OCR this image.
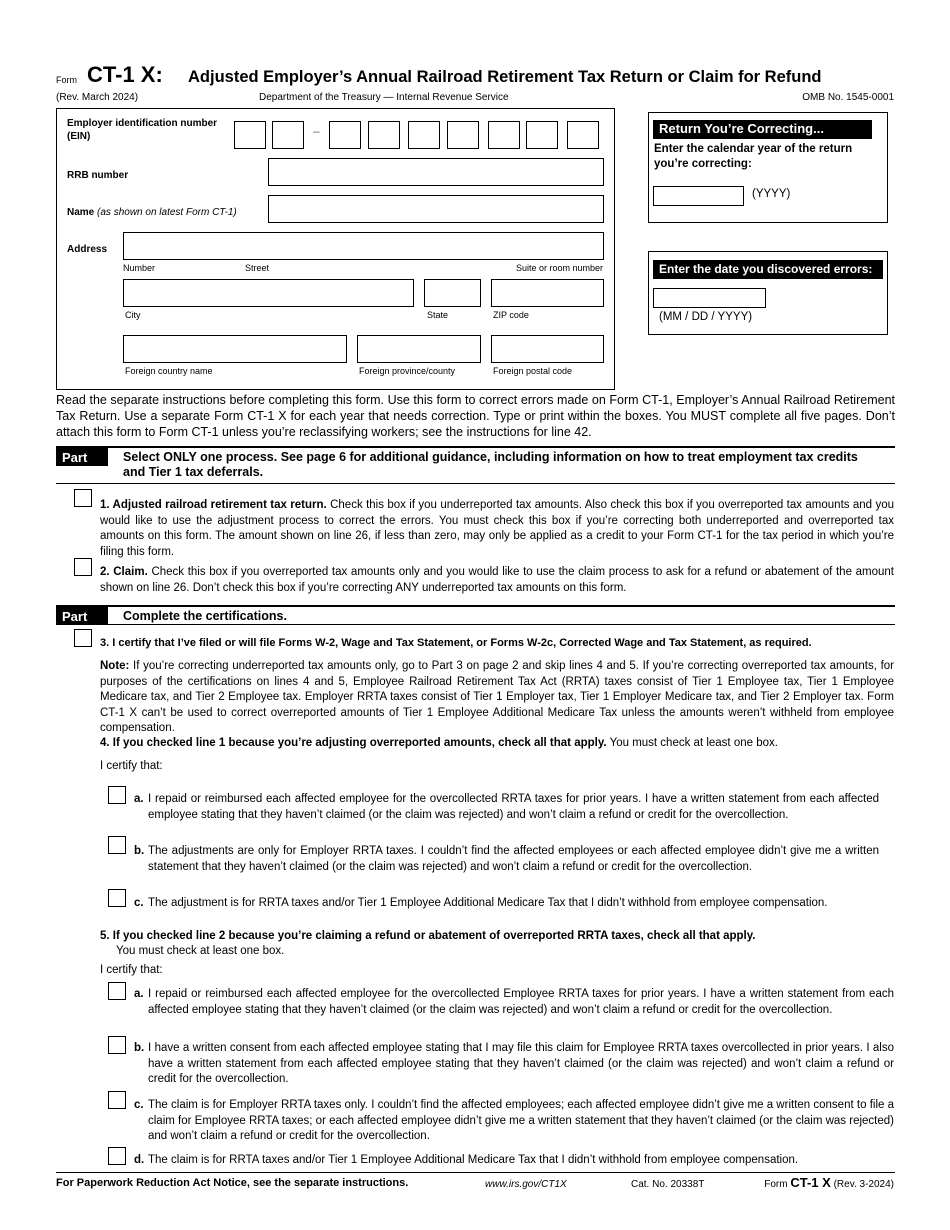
Form CT-1 X: Adjusted Employer’s Annual Railroad Retirement Tax Return or Claim for Refund
(Rev. March 2024)	Department of the Treasury — Internal Revenue Service	OMB No. 1545-0001
Employer identification number
(EIN)	–
RRB number
Name (as shown on latest Form CT-1)
Address
Number	Street	Suite or room number
City	State	ZIP code
Foreign country name	Foreign province/county	Foreign postal code
Return You’re Correcting...
Enter the calendar year of the return you’re correcting:
(YYYY)
Enter the date you discovered errors:
(MM / DD / YYYY)
Read the separate instructions before completing this form. Use this form to correct errors made on Form CT-1, Employer’s Annual Railroad Retirement Tax Return. Use a separate Form CT-1 X for each year that needs correction. Type or print within the boxes. You MUST complete all five pages. Don’t attach this form to Form CT-1 unless you’re reclassifying workers; see the instructions for line 42.
Part 1:
Select ONLY one process. See page 6 for additional guidance, including information on how to treat employment tax credits and Tier 1 tax deferrals.
1. Adjusted railroad retirement tax return. Check this box if you underreported tax amounts. Also check this box if you overreported tax amounts and you would like to use the adjustment process to correct the errors. You must check this box if you’re correcting both underreported and overreported tax amounts on this form. The amount shown on line 26, if less than zero, may only be applied as a credit to your Form CT-1 for the tax period in which you’re filing this form.
2. Claim. Check this box if you overreported tax amounts only and you would like to use the claim process to ask for a refund or abatement of the amount shown on line 26. Don’t check this box if you’re correcting ANY underreported tax amounts on this form.
Part 2:
Complete the certifications.
3. I certify that I’ve filed or will file Forms W-2, Wage and Tax Statement, or Forms W-2c, Corrected Wage and Tax Statement, as required.
Note: If you’re correcting underreported tax amounts only, go to Part 3 on page 2 and skip lines 4 and 5. If you’re correcting overreported tax amounts, for purposes of the certifications on lines 4 and 5, Employee Railroad Retirement Tax Act (RRTA) taxes consist of Tier 1 Employee tax, Tier 1 Employee Medicare tax, and Tier 2 Employee tax. Employer RRTA taxes consist of Tier 1 Employer tax, Tier 1 Employer Medicare tax, and Tier 2 Employer tax. Form CT-1 X can’t be used to correct overreported amounts of Tier 1 Employee Additional Medicare Tax unless the amounts weren’t withheld from employee compensation.
4. If you checked line 1 because you’re adjusting overreported amounts, check all that apply. You must check at least one box.
I certify that:
a. I repaid or reimbursed each affected employee for the overcollected RRTA taxes for prior years. I have a written statement from each affected employee stating that they haven’t claimed (or the claim was rejected) and won’t claim a refund or credit for the overcollection.
b. The adjustments are only for Employer RRTA taxes. I couldn’t find the affected employees or each affected employee didn’t give me a written statement that they haven’t claimed (or the claim was rejected) and won’t claim a refund or credit for the overcollection.
c. The adjustment is for RRTA taxes and/or Tier 1 Employee Additional Medicare Tax that I didn’t withhold from employee compensation.
5. If you checked line 2 because you’re claiming a refund or abatement of overreported RRTA taxes, check all that apply.
You must check at least one box.
I certify that:
a. I repaid or reimbursed each affected employee for the overcollected Employee RRTA taxes for prior years. I have a written statement from each affected employee stating that they haven’t claimed (or the claim was rejected) and won’t claim a refund or credit for the overcollection.
b. I have a written consent from each affected employee stating that I may file this claim for Employee RRTA taxes overcollected in prior years. I also have a written statement from each affected employee stating that they haven’t claimed (or the claim was rejected) and won’t claim a refund or credit for the overcollection.
c. The claim is for Employer RRTA taxes only. I couldn’t find the affected employees; each affected employee didn’t give me a written consent to file a claim for Employee RRTA taxes; or each affected employee didn’t give me a written statement that they haven’t claimed (or the claim was rejected) and won’t claim a refund or credit for the overcollection.
d. The claim is for RRTA taxes and/or Tier 1 Employee Additional Medicare Tax that I didn’t withhold from employee compensation.
For Paperwork Reduction Act Notice, see the separate instructions.	www.irs.gov/CT1X	Cat. No. 20338T	Form CT-1 X (Rev. 3-2024)
